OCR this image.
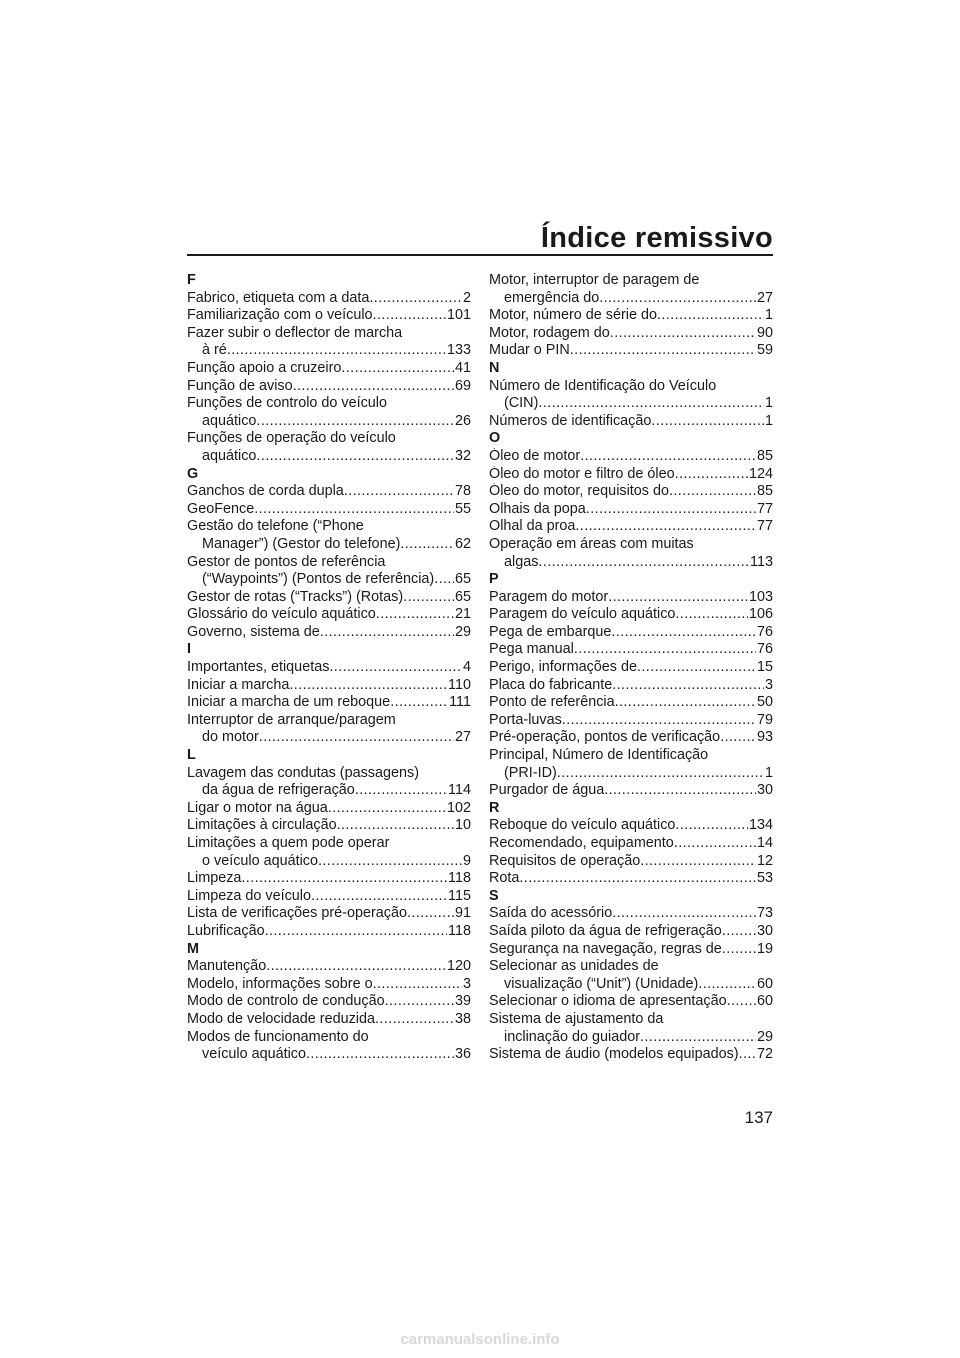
Índice remissivo
F
Fabrico, etiqueta com a data .....	2
Familiarização com o veículo .....	101
Fazer subir o deflector de marcha
à ré .....	133
Função apoio a cruzeiro .....	41
Função de aviso .....	69
Funções de controlo do veículo
aquático .....	26
Funções de operação do veículo
aquático .....	32
G
Ganchos de corda dupla .....	78
GeoFence .....	55
Gestão do telefone (“Phone
Manager”) (Gestor do telefone) .....	62
Gestor de pontos de referência
(“Waypoints”) (Pontos de referência) ..... 65
Gestor de rotas (“Tracks”) (Rotas) .....	65
Glossário do veículo aquático .....	21
Governo, sistema de .....	29
I
Importantes, etiquetas .....	4
Iniciar a marcha .....	110
Iniciar a marcha de um reboque .....	111
Interruptor de arranque/paragem
do motor .....	27
L
Lavagem das condutas (passagens)
da água de refrigeração .....	114
Ligar o motor na água .....	102
Limitações à circulação .....	10
Limitações a quem pode operar
o veículo aquático .....	9
Limpeza .....	118
Limpeza do veículo .....	115
Lista de verificações pré-operação .....	91
Lubrificação .....	118
M
Manutenção .....	120
Modelo, informações sobre o .....	3
Modo de controlo de condução .....	39
Modo de velocidade reduzida .....	38
Modos de funcionamento do
veículo aquático .....	36
Motor, interruptor de paragem de
emergência do .....	27
Motor, número de série do .....	1
Motor, rodagem do .....	90
Mudar o PIN .....	59
N
Número de Identificação do Veículo
(CIN) .....	1
Números de identificação .....	1
O
Óleo de motor .....	85
Óleo do motor e filtro de óleo .....	124
Óleo do motor, requisitos do .....	85
Olhais da popa .....	77
Olhal da proa .....	77
Operação em áreas com muitas
algas .....	113
P
Paragem do motor .....	103
Paragem do veículo aquático .....	106
Pega de embarque .....	76
Pega manual .....	76
Perigo, informações de .....	15
Placa do fabricante .....	3
Ponto de referência .....	50
Porta-luvas .....	79
Pré-operação, pontos de verificação .....	93
Principal, Número de Identificação
(PRI-ID) .....	1
Purgador de água .....	30
R
Reboque do veículo aquático .....	134
Recomendado, equipamento .....	14
Requisitos de operação .....	12
Rota .....	53
S
Saída do acessório .....	73
Saída piloto da água de refrigeração ..... 30
Segurança na navegação, regras de ..... 19
Selecionar as unidades de
visualização (“Unit”) (Unidade) .....	60
Selecionar o idioma de apresentação ..... 60
Sistema de ajustamento da
inclinação do guiador .....	29
Sistema de áudio (modelos equipados) ..... 72
137
carmanualsonline.info
